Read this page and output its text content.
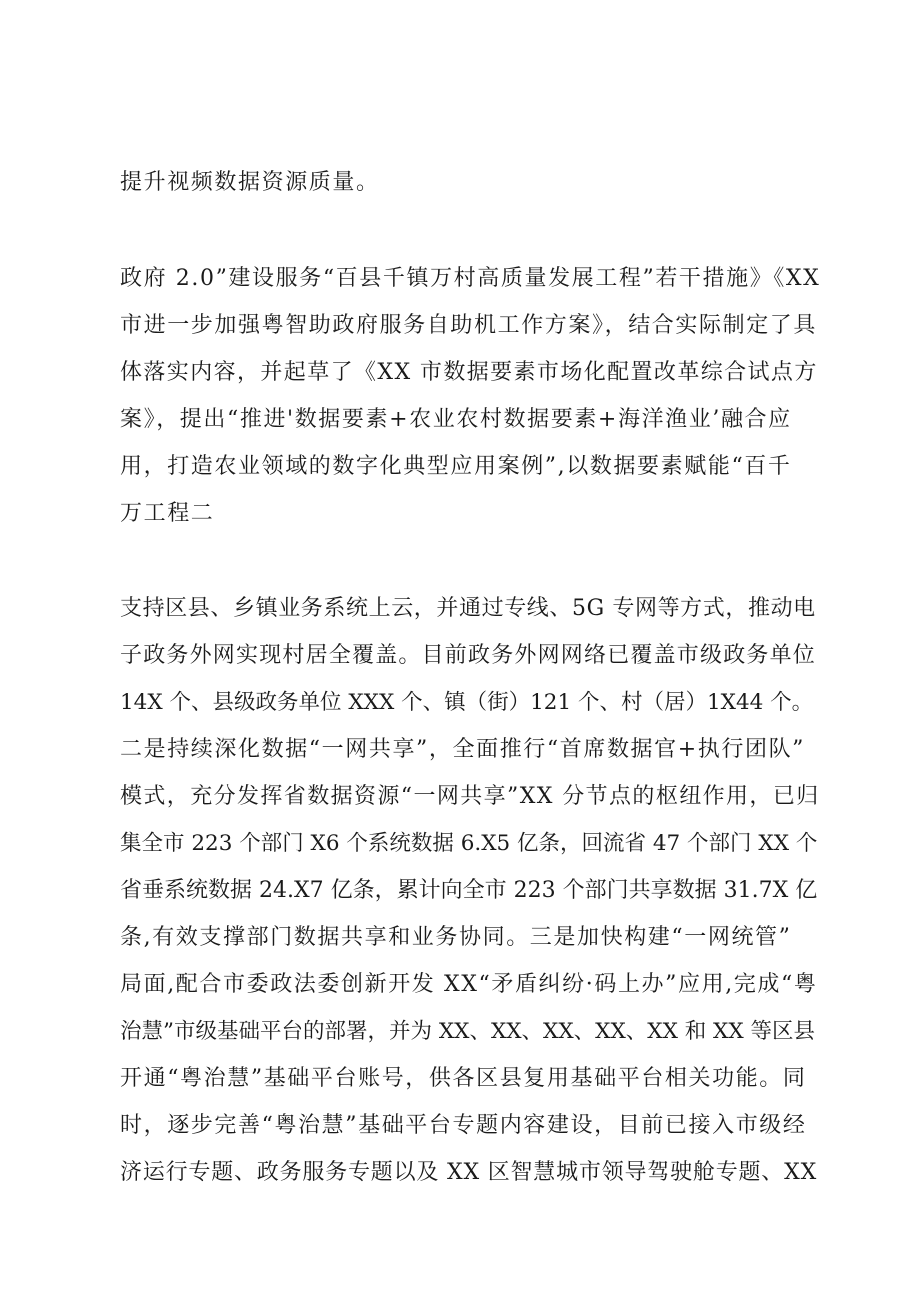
提升视频数据资源质量。
政府 2.0”建设服务“百县千镇万村高质量发展工程”若干措施》《XX
市进一步加强粤智助政府服务自助机工作方案》，结合实际制定了具
体落实内容，并起草了《XX 市数据要素市场化配置改革综合试点方
案》，提出“推进'数据要素+农业农村数据要素+海洋渔业’融合应
用，打造农业领域的数字化典型应用案例”,以数据要素赋能“百千
万工程二
支持区县、乡镇业务系统上云，并通过专线、5G 专网等方式，推动电
子政务外网实现村居全覆盖。目前政务外网网络已覆盖市级政务单位
14X 个、县级政务单位 XXX 个、镇（街）121 个、村（居）1X44 个。
二是持续深化数据“一网共享”，全面推行“首席数据官+执行团队”
模式，充分发挥省数据资源“一网共享”XX 分节点的枢纽作用，已归
集全市 223 个部门 X6 个系统数据 6.X5 亿条，回流省 47 个部门 XX 个
省垂系统数据 24.X7 亿条，累计向全市 223 个部门共享数据 31.7X 亿
条,有效支撑部门数据共享和业务协同。三是加快构建“一网统管”
局面,配合市委政法委创新开发 XX“矛盾纠纷·码上办”应用,完成“粤
治慧”市级基础平台的部署，并为 XX、XX、XX、XX、XX 和 XX 等区县
开通“粤治慧”基础平台账号，供各区县复用基础平台相关功能。同
时，逐步完善“粤治慧”基础平台专题内容建设，目前已接入市级经
济运行专题、政务服务专题以及 XX 区智慧城市领导驾驶舱专题、XX
